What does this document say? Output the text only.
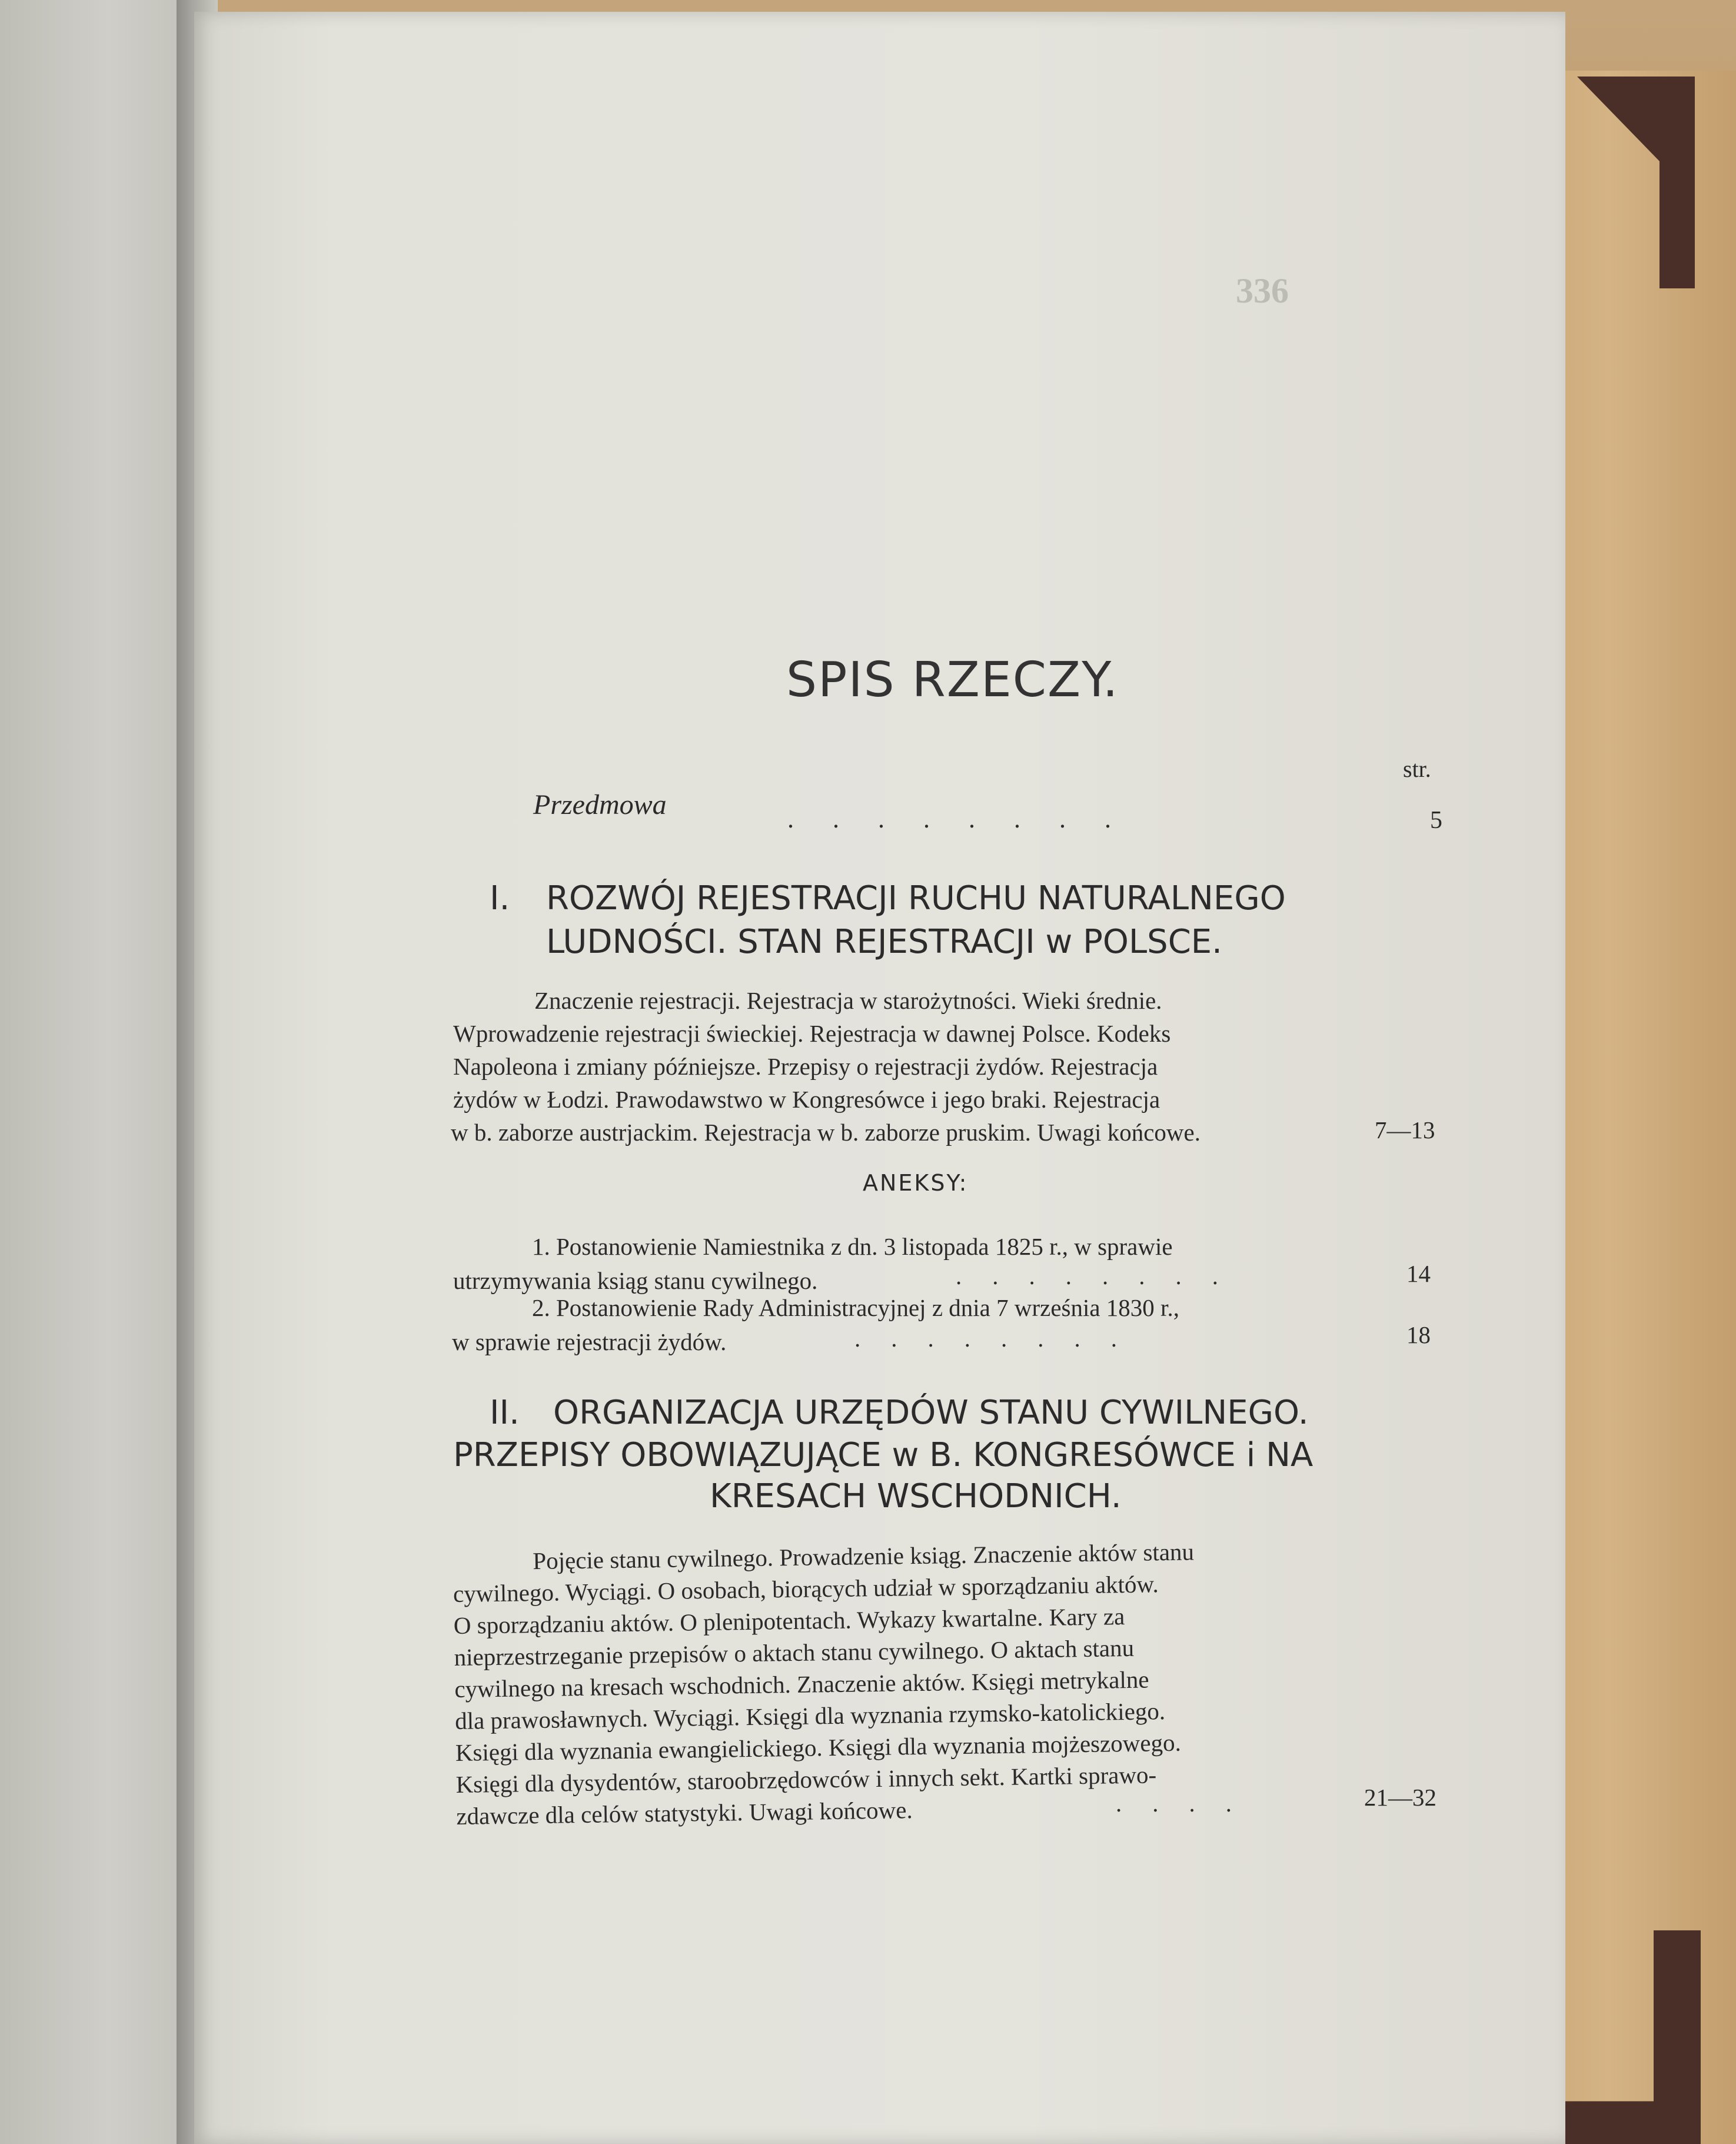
336
SPIS RZECZY.
str.
Przedmowa	........	5
I. ROZWÓJ REJESTRACJI RUCHU NATURALNEGO
LUDNOŚCI. STAN REJESTRACJI w POLSCE.
Znaczenie rejestracji. Rejestracja w starożytności. Wieki średnie.
Wprowadzenie rejestracji świeckiej. Rejestracja w dawnej Polsce. Kodeks
Napoleona i zmiany późniejsze. Przepisy o rejestracji żydów. Rejestracja
żydów w Łodzi. Prawodawstwo w Kongresówce i jego braki. Rejestracja
w b. zaborze austrjackim. Rejestracja w b. zaborze pruskim. Uwagi końcowe.	7—13
ANEKSY:
1. Postanowienie Namiestnika z dn. 3 listopada 1825 r., w sprawie
utrzymywania ksiąg stanu cywilnego.	........	14
2. Postanowienie Rady Administracyjnej z dnia 7 września 1830 r.,
w sprawie rejestracji żydów.	........	18
II. ORGANIZACJA URZĘDÓW STANU CYWILNEGO.
PRZEPISY OBOWIĄZUJĄCE w B. KONGRESÓWCE i NA
KRESACH WSCHODNICH.
Pojęcie stanu cywilnego. Prowadzenie ksiąg. Znaczenie aktów stanu
cywilnego. Wyciągi. O osobach, biorących udział w sporządzaniu aktów.
O sporządzaniu aktów. O plenipotentach. Wykazy kwartalne. Kary za
nieprzestrzeganie przepisów o aktach stanu cywilnego. O aktach stanu
cywilnego na kresach wschodnich. Znaczenie aktów. Księgi metrykalne
dla prawosławnych. Wyciągi. Księgi dla wyznania rzymsko-katolickiego.
Księgi dla wyznania ewangielickiego. Księgi dla wyznania mojżeszowego.
Księgi dla dysydentów, staroobrzędowców i innych sekt. Kartki sprawo-
zdawcze dla celów statystyki. Uwagi końcowe.	....	21—32
